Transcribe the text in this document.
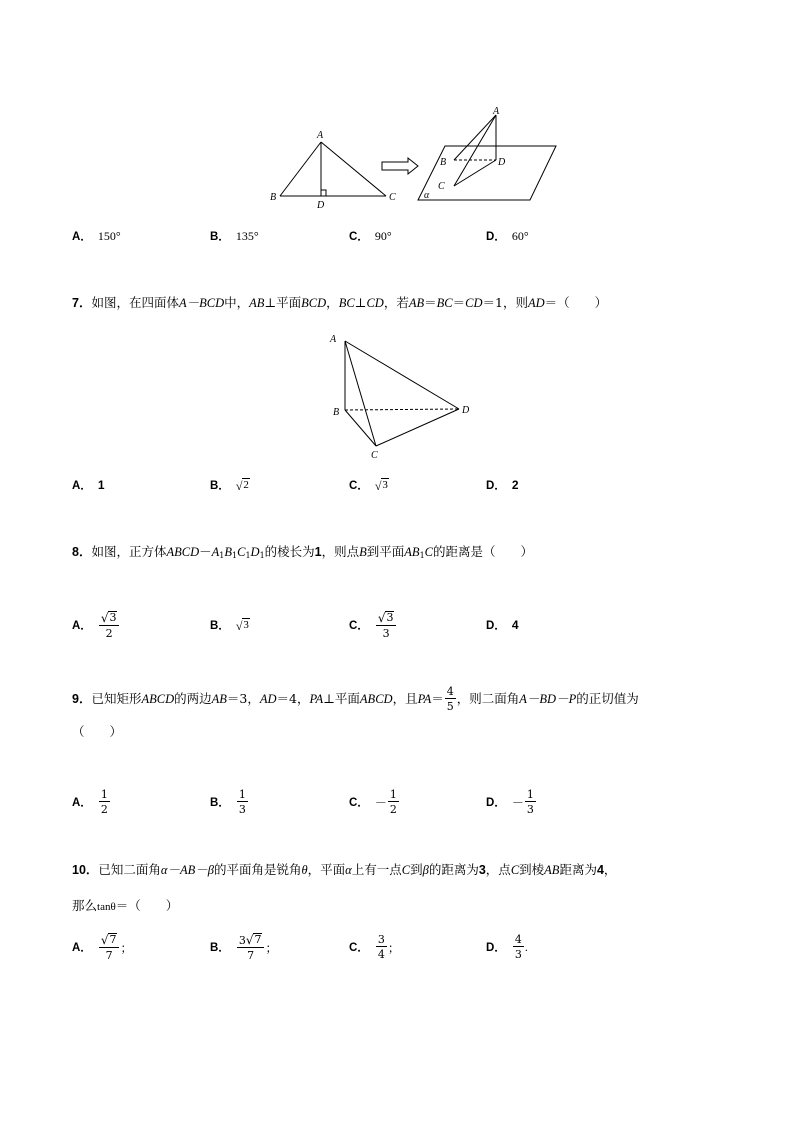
A
B
D
C
A
B	D
C
α
A． 150°	B． 135°	C． 90°	D． 60°
7．如图，在四面体A－BCD中，AB⊥平面BCD，BC⊥CD，若AB＝BC＝CD＝1，则AD＝（　　）
A
B	D
C
A． 1	B． √ 2	C． √ 3	D． 2
8．如图，正方体$ABCD-A_1B_1C_1D_1$的棱长为1，则点B到平面$AB_1C$的距离是（　　）
A． $\frac{√ 3}{2}$	B． √ 3	C． $\frac{√ 3}{3}$	D． 4
9． 已知矩形 ABCD 的两边 AB ＝3， AD ＝4， PA ⊥平面 ABCD ，且 PA ＝ $\frac{4}{5}$ ，则二面角 A－BD－P 的正切值为
（　　）
A． $\frac{1}{2}$	B． $\frac{1}{3}$	C． － $\frac{1}{2}$	D． － $\frac{1}{3}$
10．已知二面角α－AB－β的平面角是锐角θ，平面α上有一点C到β的距离为3，点C到棱AB距离为4，
那么tanθ＝（　　）
A． $\frac{√ 7}{7}$ ；	B． $\frac{3 √ 7}{7}$ ；	C． $\frac{3}{4}$ ；	D． $\frac{4}{3}$ .
